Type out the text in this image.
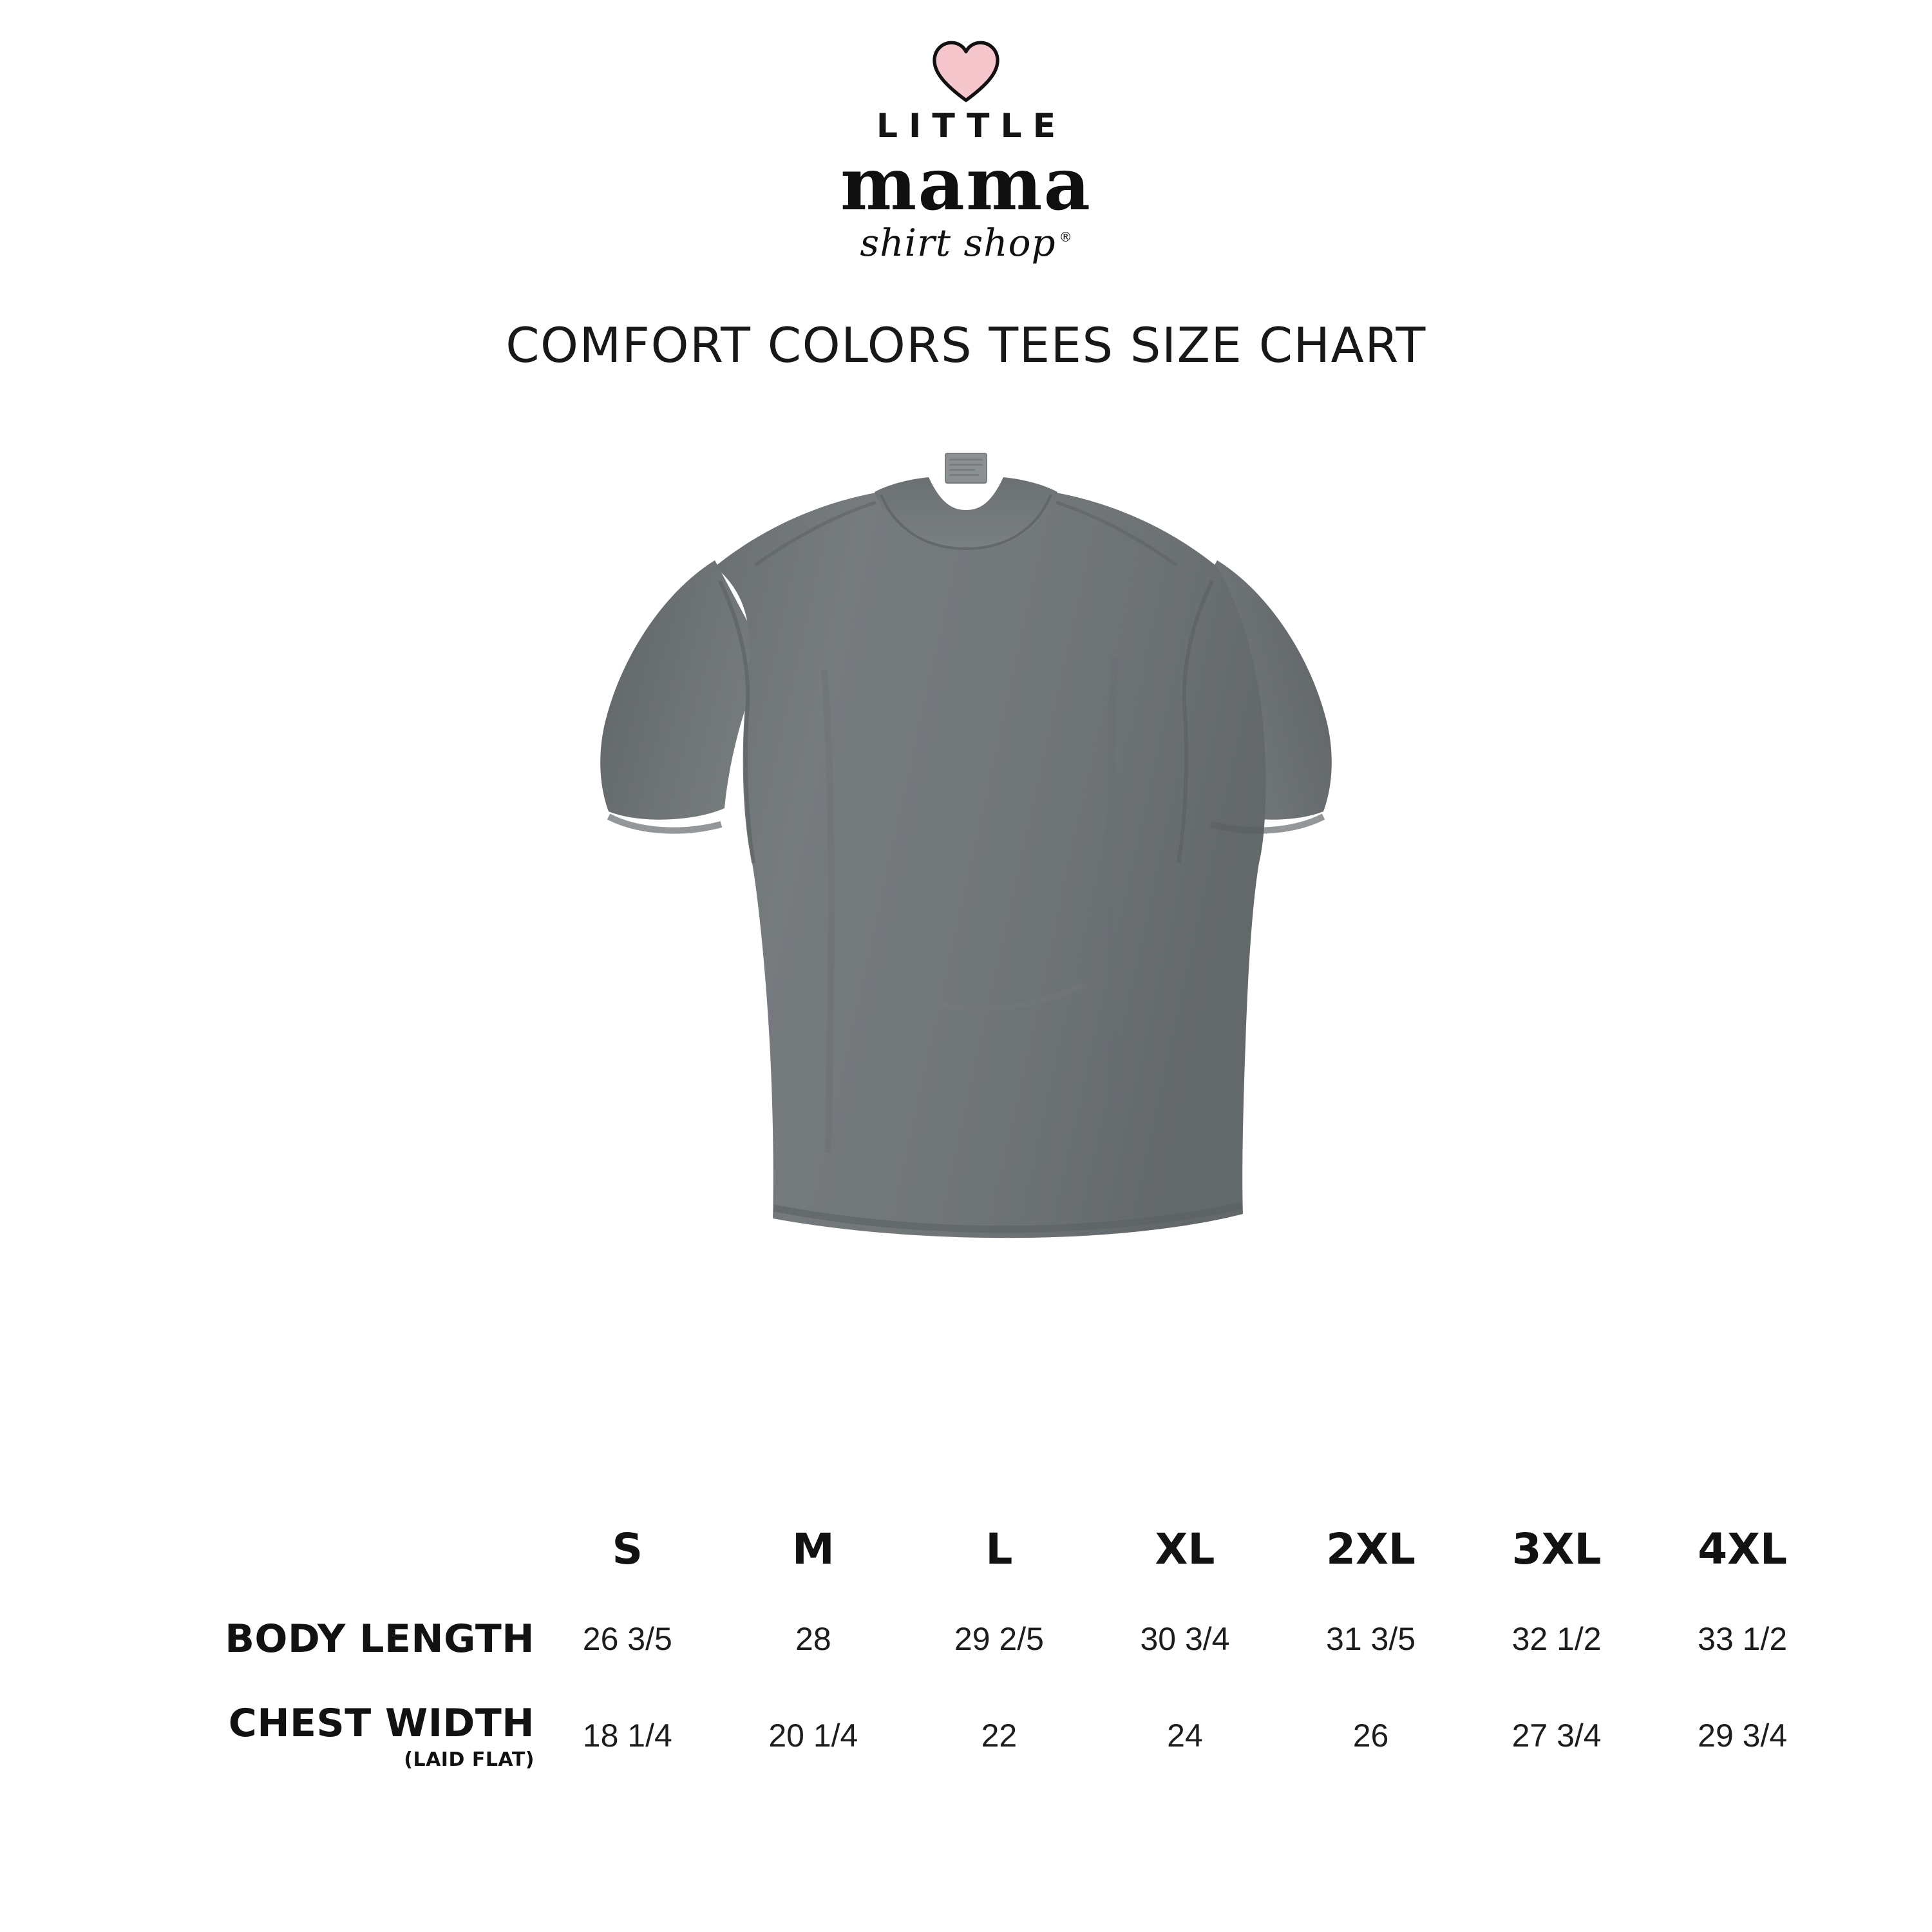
LITTLE
mama
shirt shop ®
COMFORT COLORS TEES SIZE CHART
	S	M	L	XL	2XL	3XL	4XL
BODY LENGTH	26 3/5	28	29 2/5	30 3/4	31 3/5	32 1/2	33 1/2
CHEST WIDTH
(LAID FLAT)	18 1/4	20 1/4	22	24	26	27 3/4	29 3/4
